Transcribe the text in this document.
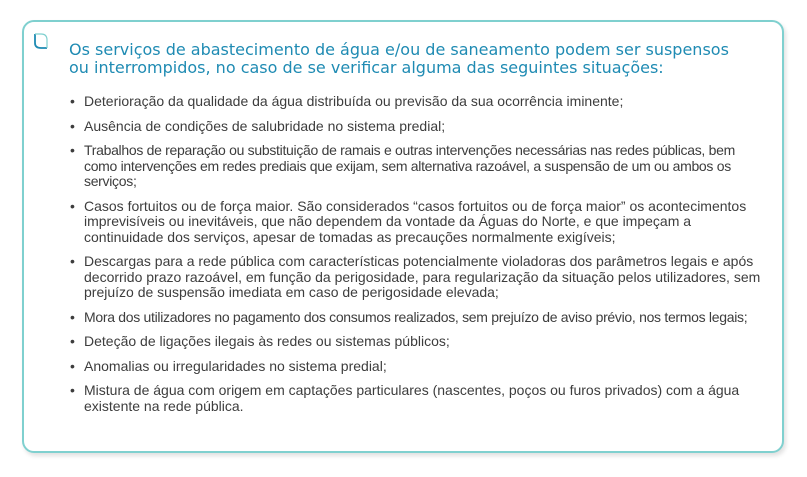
Os serviços de abastecimento de água e/ou de saneamento podem ser suspensos
ou interrompidos, no caso de se verificar alguma das seguintes situações:
• Deterioração da qualidade da água distribuída ou previsão da sua ocorrência iminente;
• Ausência de condições de salubridade no sistema predial;
• Trabalhos de reparação ou substituição de ramais e outras intervenções necessárias nas redes públicas, bem como intervenções em redes prediais que exijam, sem alternativa razoável, a suspensão de um ou ambos os serviços;
• Casos fortuitos ou de força maior. São considerados “casos fortuitos ou de força maior” os acontecimentos imprevisíveis ou inevitáveis, que não dependem da vontade da Águas do Norte, e que impeçam a continuidade dos serviços, apesar de tomadas as precauções normalmente exigíveis;
• Descargas para a rede pública com características potencialmente violadoras dos parâmetros legais e após decorrido prazo razoável, em função da perigosidade, para regularização da situação pelos utilizadores, sem prejuízo de suspensão imediata em caso de perigosidade elevada;
• Mora dos utilizadores no pagamento dos consumos realizados, sem prejuízo de aviso prévio, nos termos legais;
• Deteção de ligações ilegais às redes ou sistemas públicos;
• Anomalias ou irregularidades no sistema predial;
• Mistura de água com origem em captações particulares (nascentes, poços ou furos privados) com a água existente na rede pública.
